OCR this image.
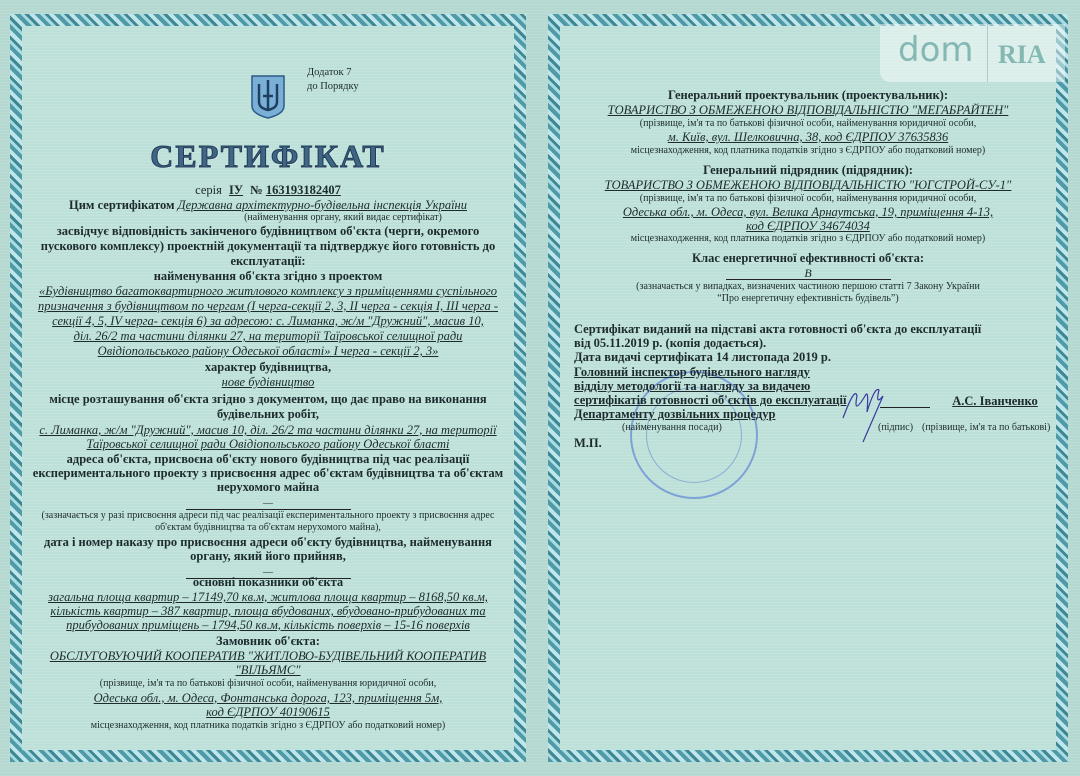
Додаток 7
до Порядку
СЕРТИФІКАТ
серія ІУ № 163193182407
Цим сертифікатом Державна архітектурно-будівельна інспекція України
(найменування органу, який видає сертифікат)
засвідчує відповідність закінченого будівництвом об'єкта (черги, окремого
пускового комплексу) проектній документації та підтверджує його готовність до
експлуатації:
найменування об'єкта згідно з проектом
«Будівництво багатоквартирного житлового комплексу з приміщеннями суспільного
призначення з будівництвом по чергам (І черга-секції 2, 3, ІІ черга - секція І, ІІІ черга -
секції 4, 5, IV черга- секція 6) за адресою: с. Лиманка, ж/м "Дружний", масив 10,
діл. 26/2 та частини ділянки 27, на території Таїровської селищної ради
Овідіопольського району Одеської області» І черга - секції 2, 3»
характер будівництва,
нове будівництво
місце розташування об'єкта згідно з документом, що дає право на виконання
будівельних робіт,
с. Лиманка, ж/м "Дружний", масив 10, діл. 26/2 та частини ділянки 27, на території
Таїровської селищної ради Овідіопольського району Одеської бласті
адреса об'єкта, присвоєна об'єкту нового будівництва під час реалізації
експериментального проекту з присвоєння адрес об'єктам будівництва та об'єктам
нерухомого майна
—
(зазначається у разі присвоєння адреси під час реалізації експериментального проекту з присвоєння адрес
об'єктам будівництва та об'єктам нерухомого майна),
дата і номер наказу про присвоєння адреси об'єкту будівництва, найменування
органу, який його прийняв,
—
основні показники об'єкта
загальна площа квартир – 17149,70 кв.м, житлова площа квартир – 8168,50 кв.м,
кількість квартир – 387 квартир, площа вбудованих, вбудовано-прибудованих та
прибудованих приміщень – 1794,50 кв.м, кількість поверхів – 15-16 поверхів
Замовник об'єкта:
ОБСЛУГОВУЮЧИЙ КООПЕРАТИВ "ЖИТЛОВО-БУДІВЕЛЬНИЙ КООПЕРАТИВ
"ВІЛЬЯМС"
(прізвище, ім'я та по батькові фізичної особи, найменування юридичної особи,
Одеська обл., м. Одеса, Фонтанська дорога, 123, приміщення 5м,
код ЄДРПОУ 40190615
місцезнаходження, код платника податків згідно з ЄДРПОУ або податковий номер)
Генеральний проектувальник (проектувальник):
ТОВАРИСТВО З ОБМЕЖЕНОЮ ВІДПОВІДАЛЬНІСТЮ "МЕГАБРАЙТЕН"
(прізвище, ім'я та по батькові фізичної особи, найменування юридичної особи,
м. Київ, вул. Шелковична, 38, код ЄДРПОУ 37635836
місцезнаходження, код платника податків згідно з ЄДРПОУ або податковий номер)
Генеральний підрядник (підрядник):
ТОВАРИСТВО З ОБМЕЖЕНОЮ ВІДПОВІДАЛЬНІСТЮ "ЮГСТРОЙ-СУ-1"
(прізвище, ім'я та по батькові фізичної особи, найменування юридичної особи,
Одеська обл., м. Одеса, вул. Велика Арнаутська, 19, приміщення 4-13,
код ЄДРПОУ 34674034
місцезнаходження, код платника податків згідно з ЄДРПОУ або податковий номер)
Клас енергетичної ефективності об'єкта:
В
(зазначається у випадках, визначених частиною першою статті 7 Закону України
“Про енергетичну ефективність будівель”)
Сертифікат виданий на підставі акта готовності об'єкта до експлуатації
від 05.11.2019 р. (копія додається).
Дата видачі сертифіката 14 листопада 2019 р.
Головний інспектор будівельного нагляду
відділу методології та нагляду за видачею
сертифікатів готовності об'єктів до експлуатації
Департаменту дозвільних процедур
(найменування посади)
М.П.
А.С. Іванченко
(підпис) (прізвище, ім'я та по батькові)
dom RIA
